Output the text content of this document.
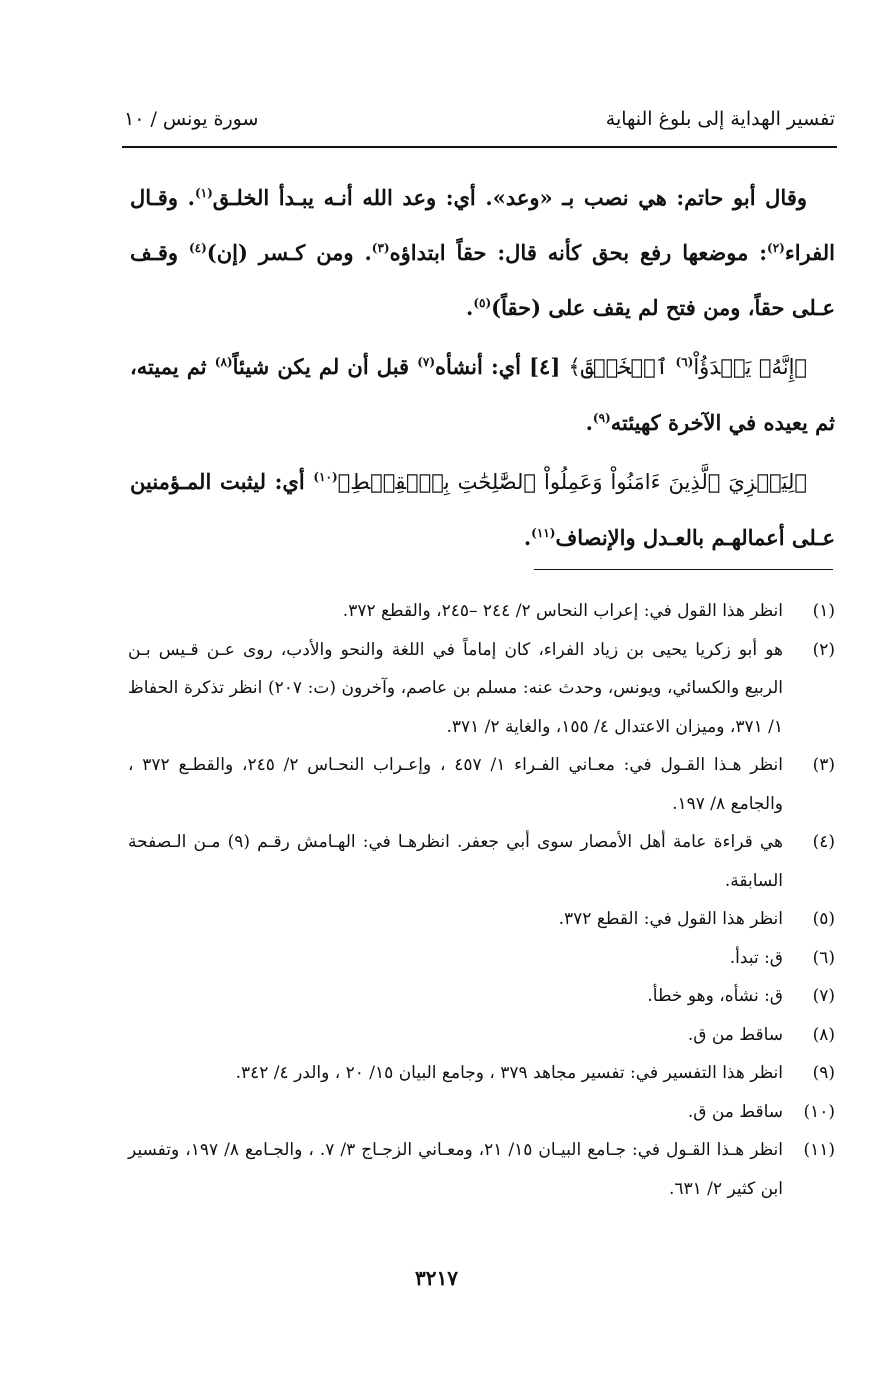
تفسير الهداية إلى بلوغ النهاية
سورة يونس / ١٠

وقال أبو حاتم: هي نصب بـ «وعد». أي: وعد الله أنـه يبـدأ الخلـق$^{(١)}$. وقـال الفراء$^{(٢)}$: موضعها رفع بحق كأنه قال: حقاً ابتداؤه$^{(٣)}$. ومن كـسر (إن)$^{(٤)}$ وقـف عـلى حقاً، ومن فتح لم يقف على (حقاً)$^{(٥)}$.

﴿إِنَّهُۥ يَبۡدَؤُاْ$^{(٦)}$ ٱلۡخَلۡقَ﴾ [٤] أي: أنشأه$^{(٧)}$ قبل أن لم يكن شيئاً$^{(٨)}$ ثم يميته، ثم يعيده في الآخرة كهيئته$^{(٩)}$.

﴿لِيَجۡزِيَ ٱلَّذِينَ ءَامَنُواْ وَعَمِلُواْ ٱلصَّٰلِحَٰتِ بِٱلۡقِسۡطِ﴾$^{(١٠)}$ أي: ليثبت المـؤمنين عـلى أعمالهـم بالعـدل والإنصاف$^{(١١)}$.

(١)
انظر هذا القول في: إعراب النحاس ٢/ ٢٤٤ –٢٤٥، والقطع ٣٧٢.
(٢)
هو أبو زكريا يحيى بن زياد الفراء، كان إماماً في اللغة والنحو والأدب، روى عـن قـيس بـن الربيع والكسائي، ويونس، وحدث عنه: مسلم بن عاصم، وآخرون (ت: ٢٠٧) انظر تذكرة الحفاظ ١/ ٣٧١، وميزان الاعتدال ٤/ ١٥٥، والغاية ٢/ ٣٧١.
(٣)
انظر هـذا القـول في: معـاني الفـراء ١/ ٤٥٧ ، وإعـراب النحـاس ٢/ ٢٤٥، والقطـع ٣٧٢ ، والجامع ٨/ ١٩٧.
(٤)
هي قراءة عامة أهل الأمصار سوى أبي جعفر. انظرهـا في: الهـامش رقـم (٩) مـن الـصفحة السابقة.
(٥)
انظر هذا القول في: القطع ٣٧٢.
(٦)
ق: تبدأ.
(٧)
ق: نشأه، وهو خطأ.
(٨)
ساقط من ق.
(٩)
انظر هذا التفسير في: تفسير مجاهد ٣٧٩ ، وجامع البيان ١٥/ ٢٠ ، والدر ٤/ ٣٤٢.
(١٠)
ساقط من ق.
(١١)
انظر هـذا القـول في: جـامع البيـان ١٥/ ٢١، ومعـاني الزجـاج ٣/ ٧. ، والجـامع ٨/ ١٩٧، وتفسير ابن كثير ٢/ ٦٣١.
٣٢١٧
